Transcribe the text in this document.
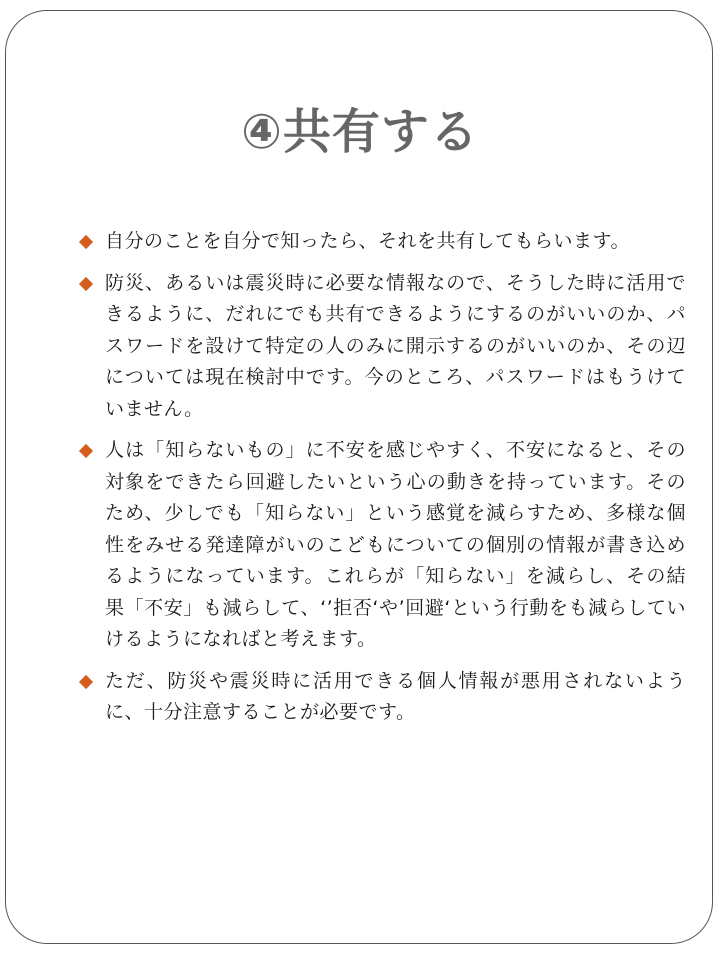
④共有する
自分のことを自分で知ったら、それを共有してもらいます。
防災、あるいは震災時に必要な情報なので、そうした時に活用できるように、だれにでも共有できるようにするのがいいのか、パスワードを設けて特定の人のみに開示するのがいいのか、その辺については現在検討中です。今のところ、パスワードはもうけていません。
人は「知らないもの」に不安を感じやすく、不安になると、その対象をできたら回避したいという心の動きを持っています。そのため、少しでも「知らない」という感覚を減らすため、多様な個性をみせる発達障がいのこどもについての個別の情報が書き込めるようになっています。これらが「知らない」を減らし、その結果「不安」も減らして、‘’拒否‘や’回避‘という行動をも減らしていけるようになればと考えます。
ただ、防災や震災時に活用できる個人情報が悪用されないように、十分注意することが必要です。
